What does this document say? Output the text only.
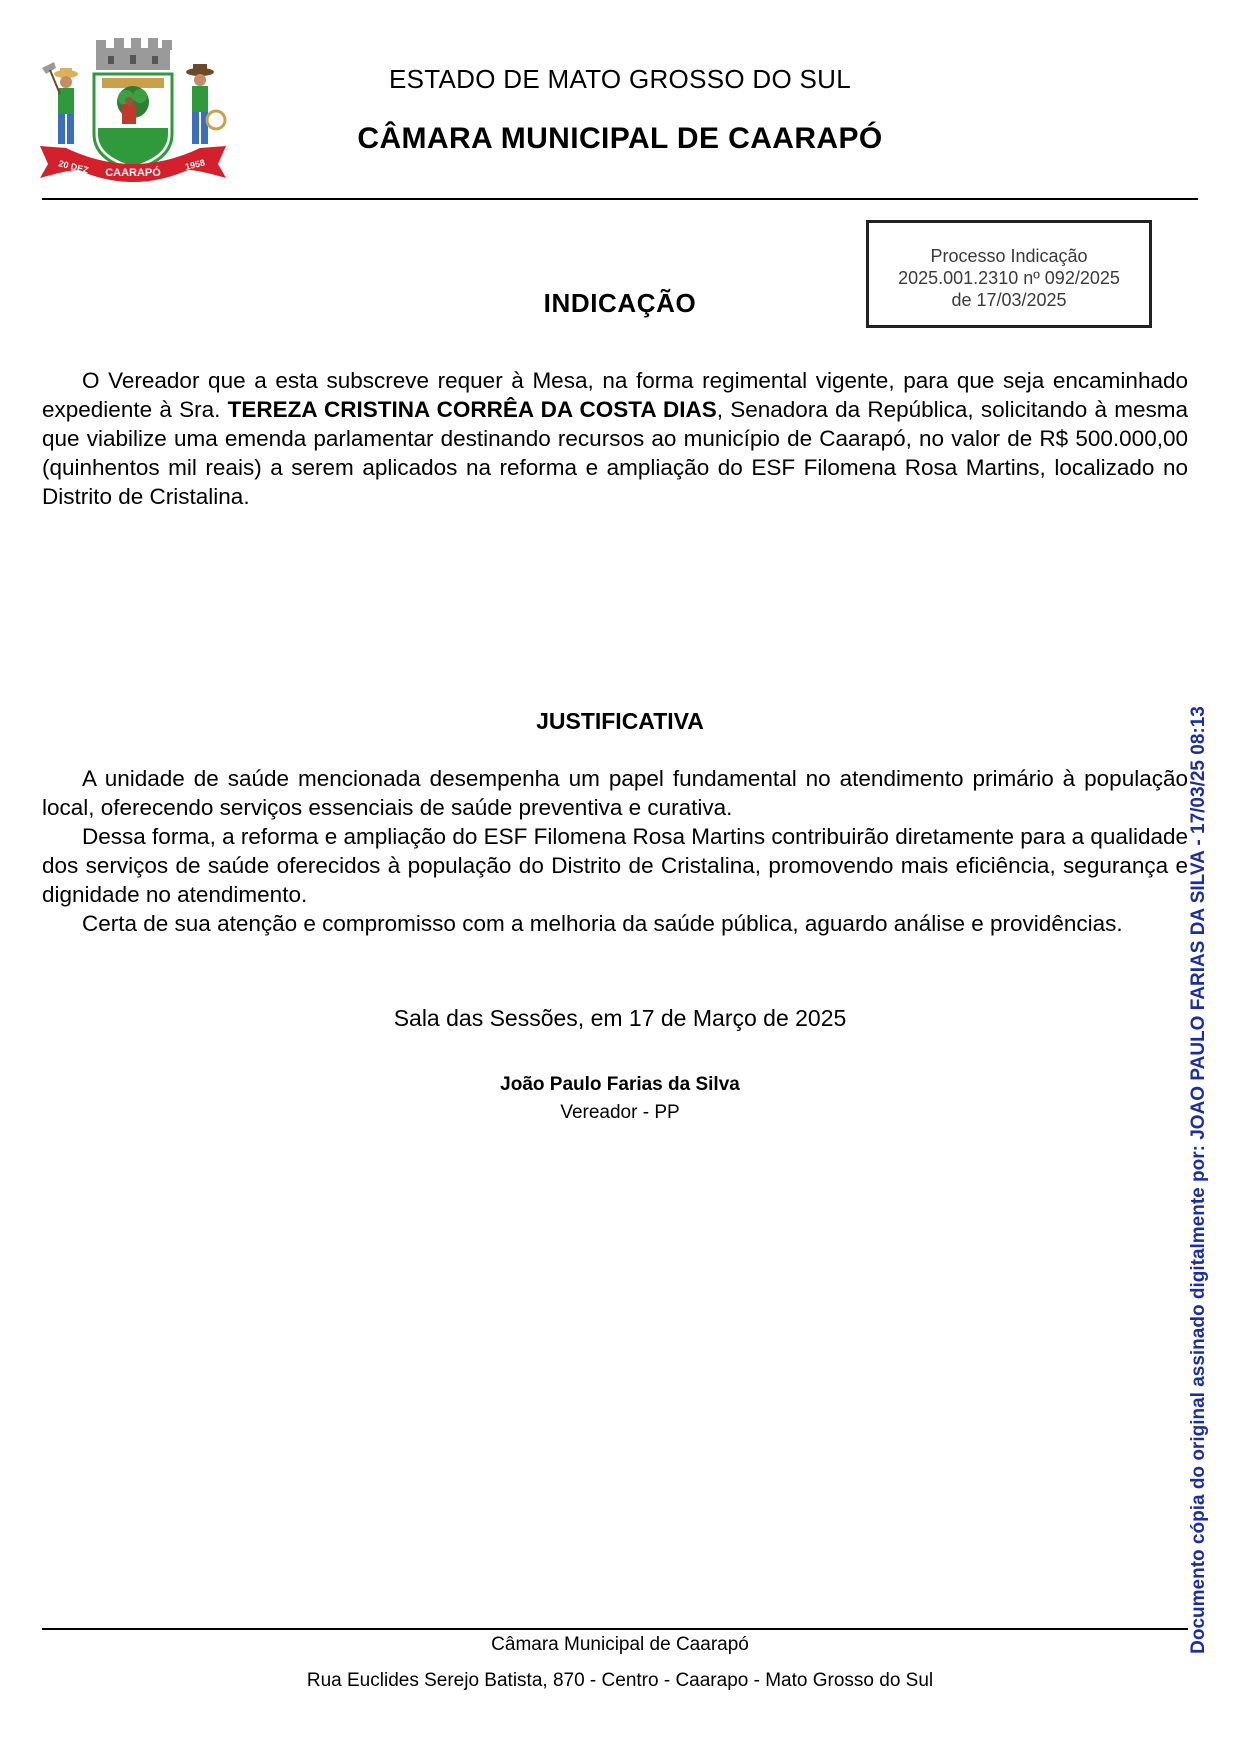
20 DEZ CAARAPÓ
1958
ESTADO DE MATO GROSSO DO SUL
CÂMARA MUNICIPAL DE CAARAPÓ
Processo Indicação
2025.001.2310 nº 092/2025
de 17/03/2025
INDICAÇÃO

O Vereador que a esta subscreve requer à Mesa, na forma regimental vigente, para que seja encaminhado expediente à Sra. TEREZA CRISTINA CORRÊA DA COSTA DIAS, Senadora da República, solicitando à mesma que viabilize uma emenda parlamentar destinando recursos ao município de Caarapó, no valor de R$ 500.000,00 (quinhentos mil reais) a serem aplicados na reforma e ampliação do ESF Filomena Rosa Martins, localizado no Distrito de Cristalina.

JUSTIFICATIVA

A unidade de saúde mencionada desempenha um papel fundamental no atendimento primário à população local, oferecendo serviços essenciais de saúde preventiva e curativa.

Dessa forma, a reforma e ampliação do ESF Filomena Rosa Martins contribuirão diretamente para a qualidade dos serviços de saúde oferecidos à população do Distrito de Cristalina, promovendo mais eficiência, segurança e dignidade no atendimento.

Certa de sua atenção e compromisso com a melhoria da saúde pública, aguardo análise e providências.

Sala das Sessões, em 17 de Março de 2025
João Paulo Farias da Silva
Vereador - PP
Câmara Municipal de Caarapó
Rua Euclides Serejo Batista, 870 - Centro - Caarapo - Mato Grosso do Sul
Documento cópia do original assinado digitalmente por: JOAO PAULO FARIAS DA SILVA - 17/03/25 08:13
